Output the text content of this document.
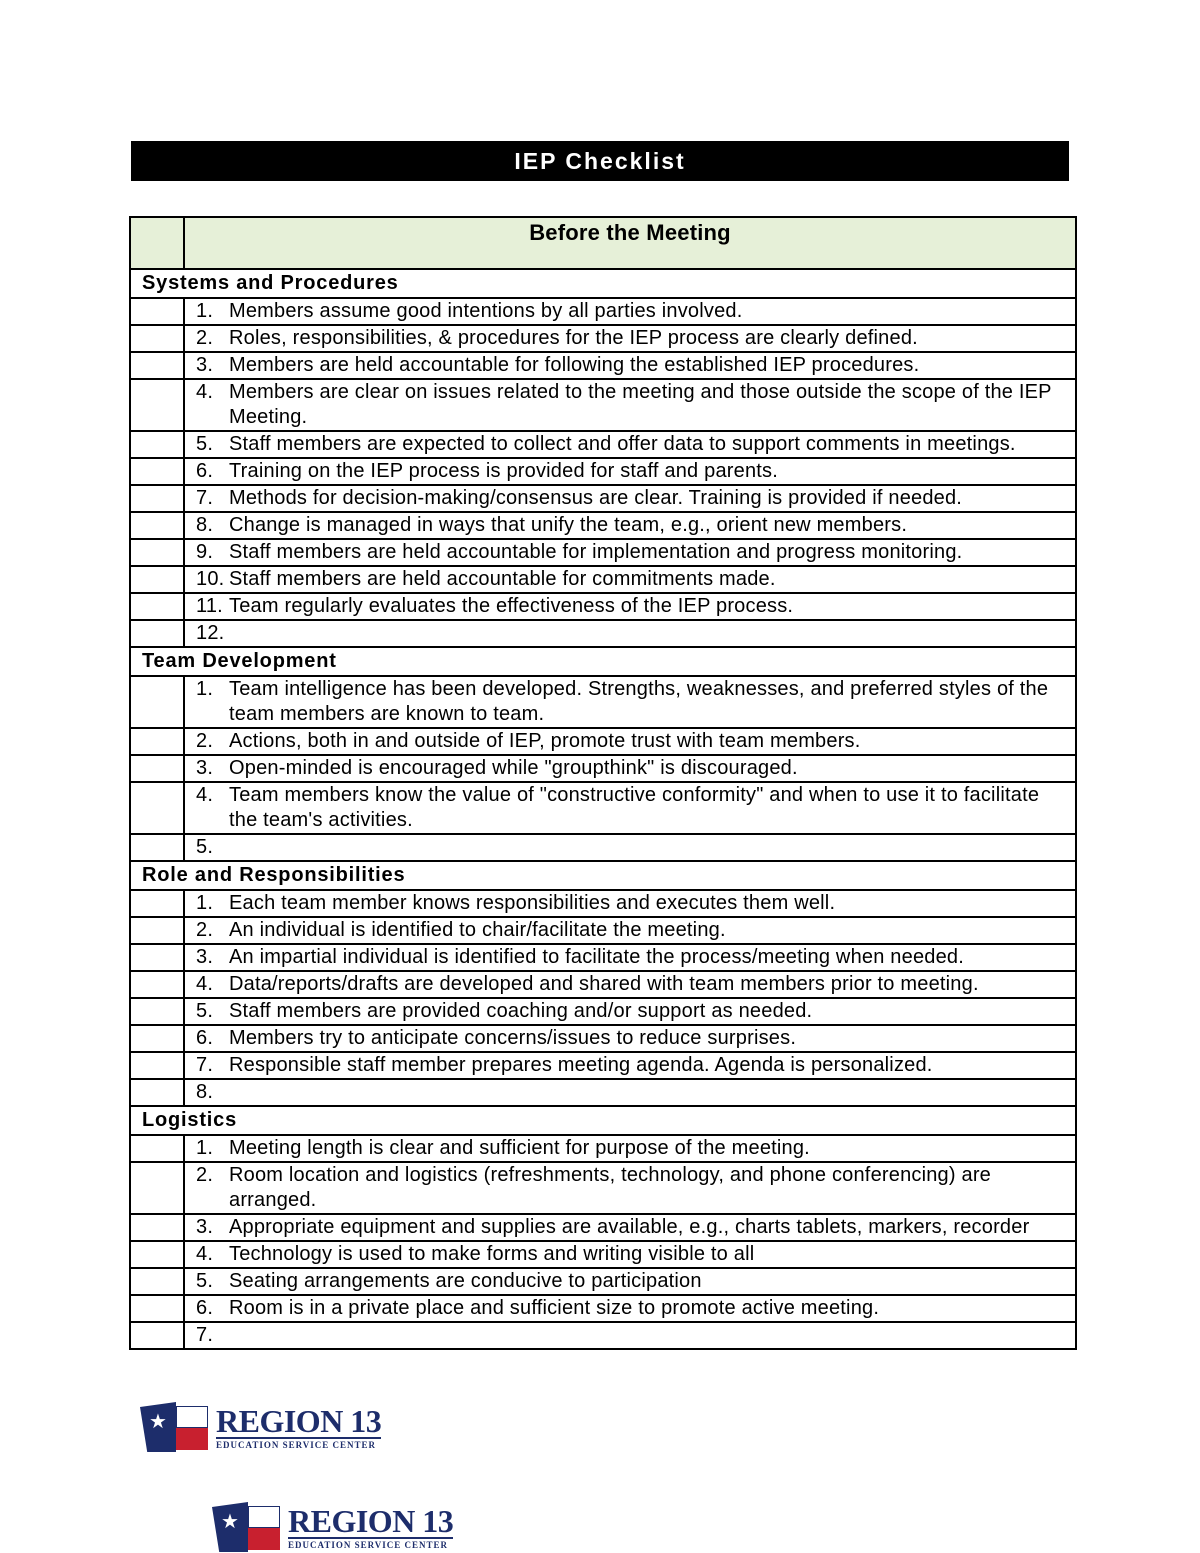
IEP Checklist
	Before the Meeting
Systems and Procedures	

	1. Members assume good intentions by all parties involved.

	2. Roles, responsibilities, & procedures for the IEP process are clearly defined.

	3. Members are held accountable for following the established IEP procedures.

	4. Members are clear on issues related to the meeting and those outside the scope of the IEP Meeting.

	5. Staff members are expected to collect and offer data to support comments in meetings.

	6. Training on the IEP process is provided for staff and parents.

	7. Methods for decision-making/consensus are clear. Training is provided if needed.

	8. Change is managed in ways that unify the team, e.g., orient new members.

	9. Staff members are held accountable for implementation and progress monitoring.

	10. Staff members are held accountable for commitments made.

	11. Team regularly evaluates the effectiveness of the IEP process.

	12.

Team Development	

	1. Team intelligence has been developed. Strengths, weaknesses, and preferred styles of the team members are known to team.

	2. Actions, both in and outside of IEP, promote trust with team members.

	3. Open-minded is encouraged while "groupthink" is discouraged.

	4. Team members know the value of "constructive conformity" and when to use it to facilitate the team's activities.

	5.

Role and Responsibilities	

	1. Each team member knows responsibilities and executes them well.

	2. An individual is identified to chair/facilitate the meeting.

	3. An impartial individual is identified to facilitate the process/meeting when needed.

	4. Data/reports/drafts are developed and shared with team members prior to meeting.

	5. Staff members are provided coaching and/or support as needed.

	6. Members try to anticipate concerns/issues to reduce surprises.

	7. Responsible staff member prepares meeting agenda. Agenda is personalized.

	8.

Logistics	

	1. Meeting length is clear and sufficient for purpose of the meeting.

	2. Room location and logistics (refreshments, technology, and phone conferencing) are arranged.

	3. Appropriate equipment and supplies are available, e.g., charts tablets, markers, recorder

	4. Technology is used to make forms and writing visible to all

	5. Seating arrangements are conducive to participation

	6. Room is in a private place and sufficient size to promote active meeting.

	7.
★ REGION 13
EDUCATION SERVICE CENTER
★ REGION 13
EDUCATION SERVICE CENTER
